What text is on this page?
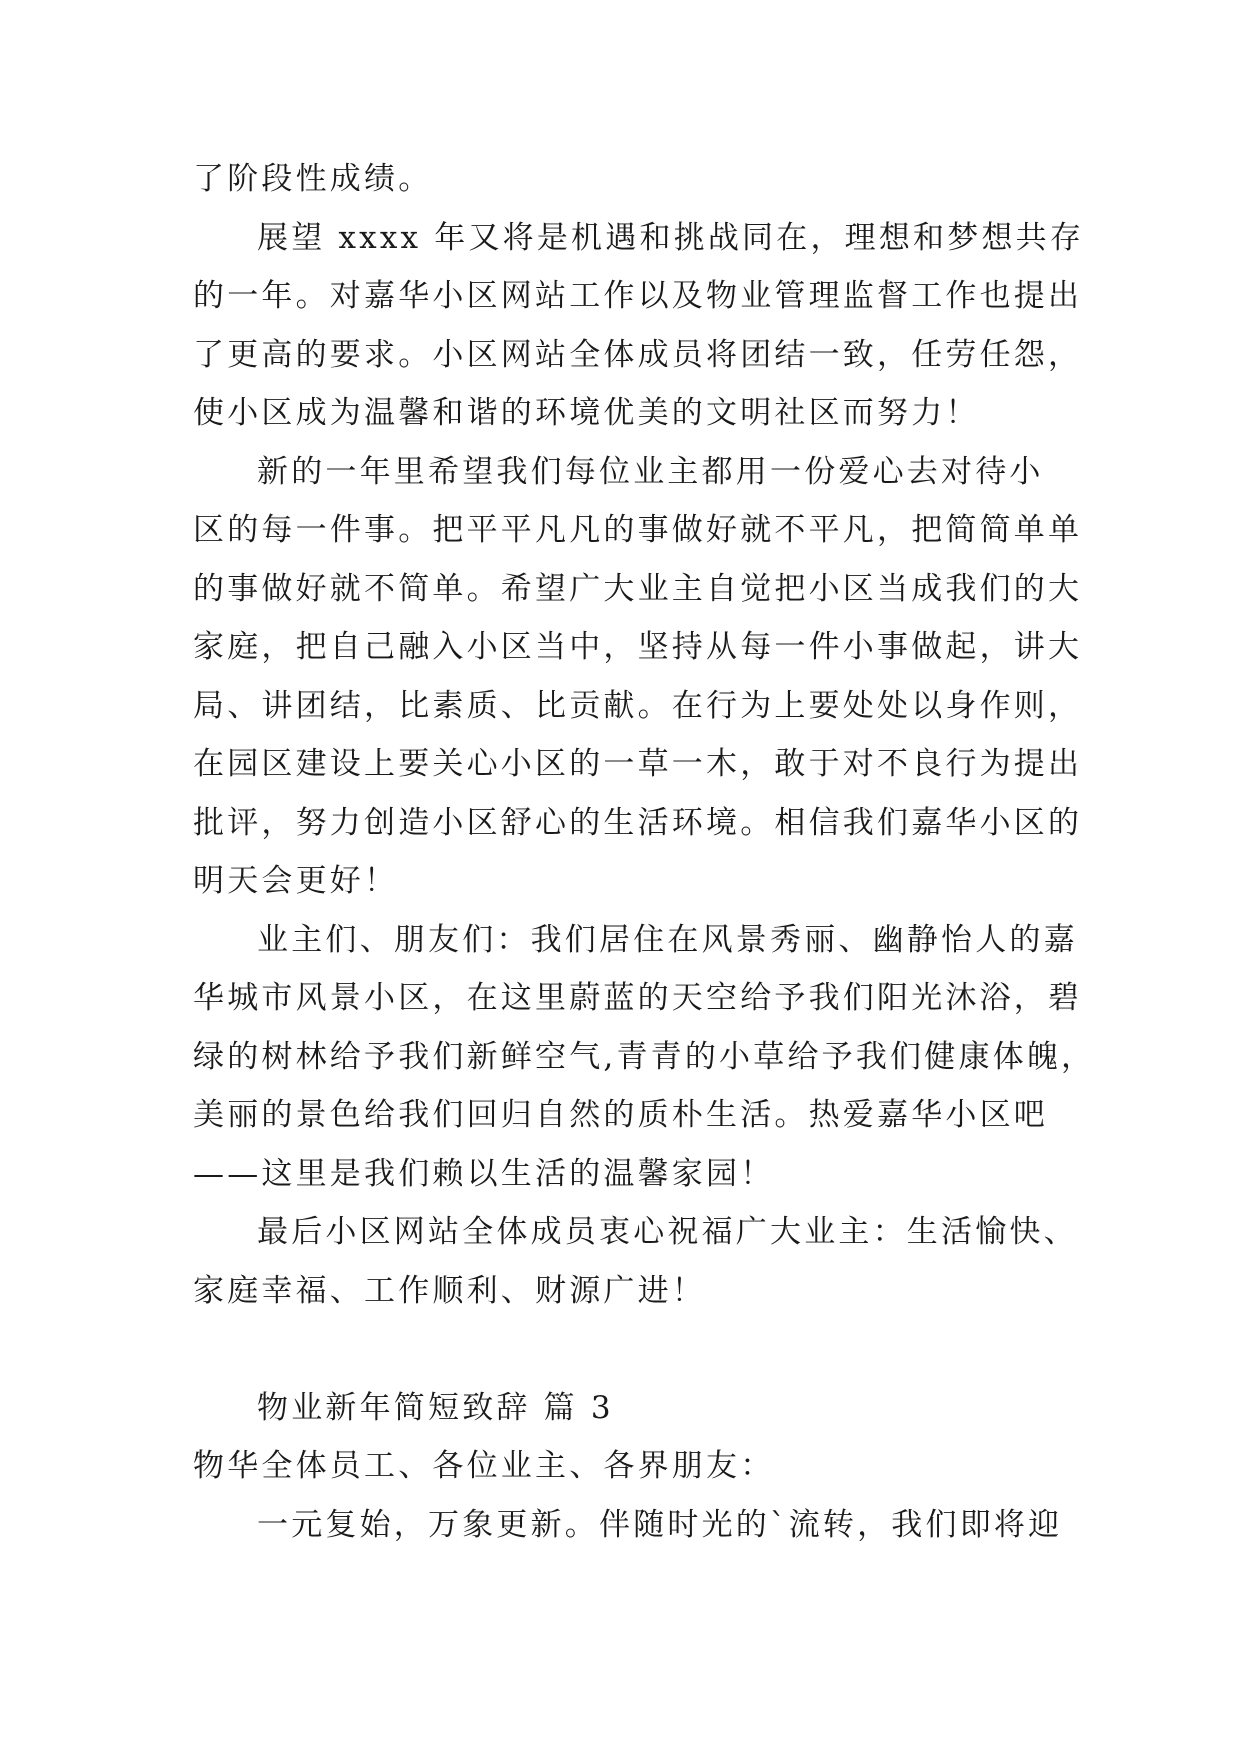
了阶段性成绩。
展望 xxxx 年又将是机遇和挑战同在，理想和梦想共存
的一年。对嘉华小区网站工作以及物业管理监督工作也提出
了更高的要求。小区网站全体成员将团结一致，任劳任怨，
使小区成为温馨和谐的环境优美的文明社区而努力！
新的一年里希望我们每位业主都用一份爱心去对待小
区的每一件事。把平平凡凡的事做好就不平凡，把简简单单
的事做好就不简单。希望广大业主自觉把小区当成我们的大
家庭，把自己融入小区当中，坚持从每一件小事做起，讲大
局、讲团结，比素质、比贡献。在行为上要处处以身作则，
在园区建设上要关心小区的一草一木，敢于对不良行为提出
批评，努力创造小区舒心的生活环境。相信我们嘉华小区的
明天会更好！
业主们、朋友们：我们居住在风景秀丽、幽静怡人的嘉
华城市风景小区，在这里蔚蓝的天空给予我们阳光沐浴，碧
绿的树林给予我们新鲜空气,青青的小草给予我们健康体魄，
美丽的景色给我们回归自然的质朴生活。热爱嘉华小区吧
——这里是我们赖以生活的温馨家园！
最后小区网站全体成员衷心祝福广大业主：生活愉快、
家庭幸福、工作顺利、财源广进！
物业新年简短致辞 篇 3
物华全体员工、各位业主、各界朋友：
一元复始，万象更新。伴随时光的`流转，我们即将迎
